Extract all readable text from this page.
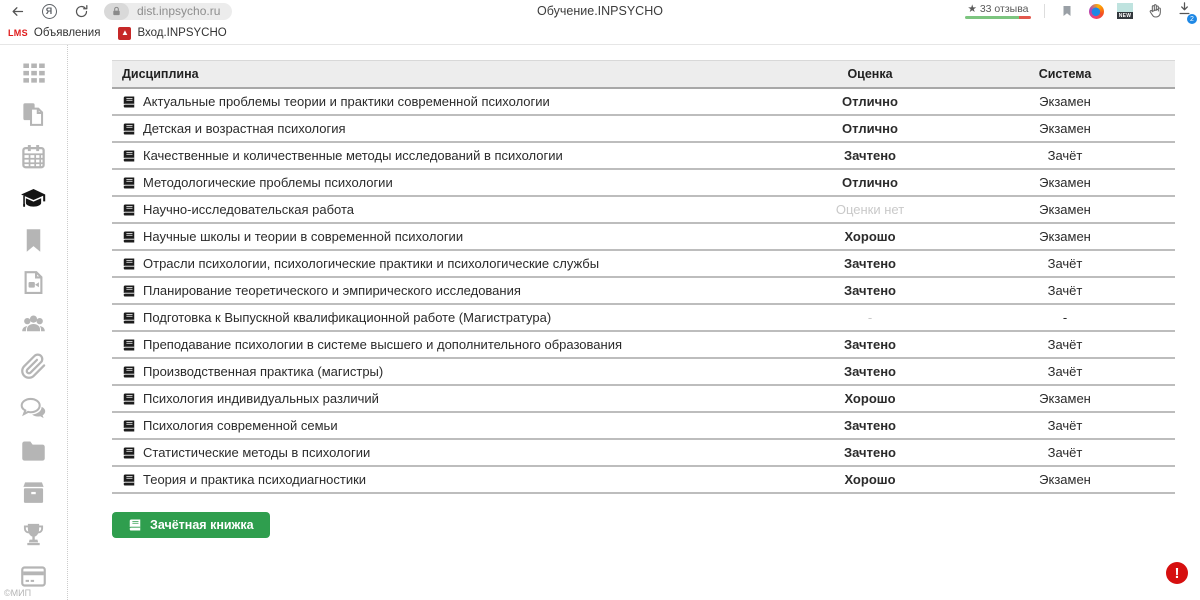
Я	dist.inpsycho.ru	Обучение.INPSYCHO	★ 33 отзыва
NEW	2
LMS Объявления	▲ Вход.INPSYCHO
©МИП
Дисциплина	Оценка	Система

Актуальные проблемы теории и практики современной психологии	Отлично	Экзамен

Детская и возрастная психология	Отлично	Экзамен

Качественные и количественные методы исследований в психологии	Зачтено	Зачёт

Методологические проблемы психологии	Отлично	Экзамен

Научно-исследовательская работа	Оценки нет	Экзамен

Научные школы и теории в современной психологии	Хорошо	Экзамен

Отрасли психологии, психологические практики и психологические службы	Зачтено	Зачёт

Планирование теоретического и эмпирического исследования	Зачтено	Зачёт

Подготовка к Выпускной квалификационной работе (Магистратура)	-	-

Преподавание психологии в системе высшего и дополнительного образования	Зачтено	Зачёт

Производственная практика (магистры)	Зачтено	Зачёт

Психология индивидуальных различий	Хорошо	Экзамен

Психология современной семьи	Зачтено	Зачёт

Статистические методы в психологии	Зачтено	Зачёт

Теория и практика психодиагностики	Хорошо	Экзамен
Зачётная книжка
!
